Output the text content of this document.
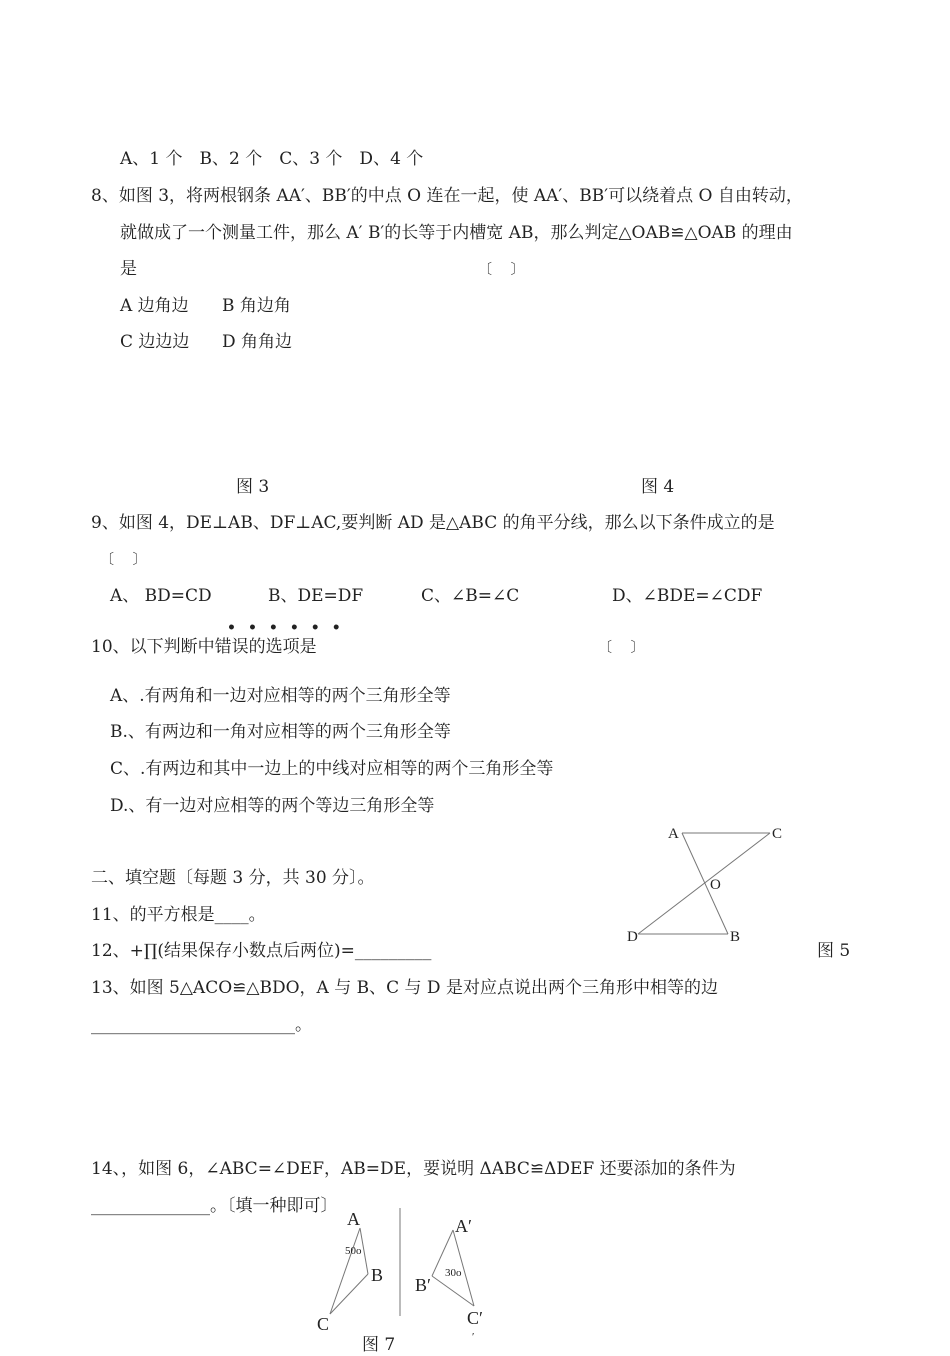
A、1 个　B、2 个　C、3 个　D、4 个
8、如图 3，将两根钢条 AA′、BB′的中点 O 连在一起，使 AA′、BB′可以绕着点 O 自由转动，
就做成了一个测量工件，那么 A′ B′的长等于内槽宽 AB，那么判定△OAB≌△OAB 的理由
是	〔　 〕
A 边角边 B 角边角
C 边边边 D 角角边
图 3	图 4
9、如图 4，DE⊥AB、DF⊥AC,要判断 AD 是△ABC 的角平分线，那么以下条件成立的是
〔　 〕
A、 BD=CD	B、DE=DF	C、∠B=∠C	D、∠BDE=∠CDF
••••••
10、以下判断中错误的选项是	〔　 〕
A、.有两角和一边对应相等的两个三角形全等
B.、有两边和一角对应相等的两个三角形全等
C、.有两边和其中一边上的中线对应相等的两个三角形全等
D.、有一边对应相等的两个等边三角形全等
A	C
O
D	B
二、填空题〔每题 3 分，共 30 分〕。
11、的平方根是____。
12、+∏(结果保存小数点后两位)=_________	图 5
13、如图 5△ACO≌△BDO，A 与 B、C 与 D 是对应点说出两个三角形中相等的边
________________________。
14、，如图 6，∠ABC=∠DEF，AB=DE，要说明 ΔABC≌ΔDEF 还要添加的条件为
______________。〔填一种即可〕
A
50o
B
C
A′
30o
B′
C′
′
图 7
